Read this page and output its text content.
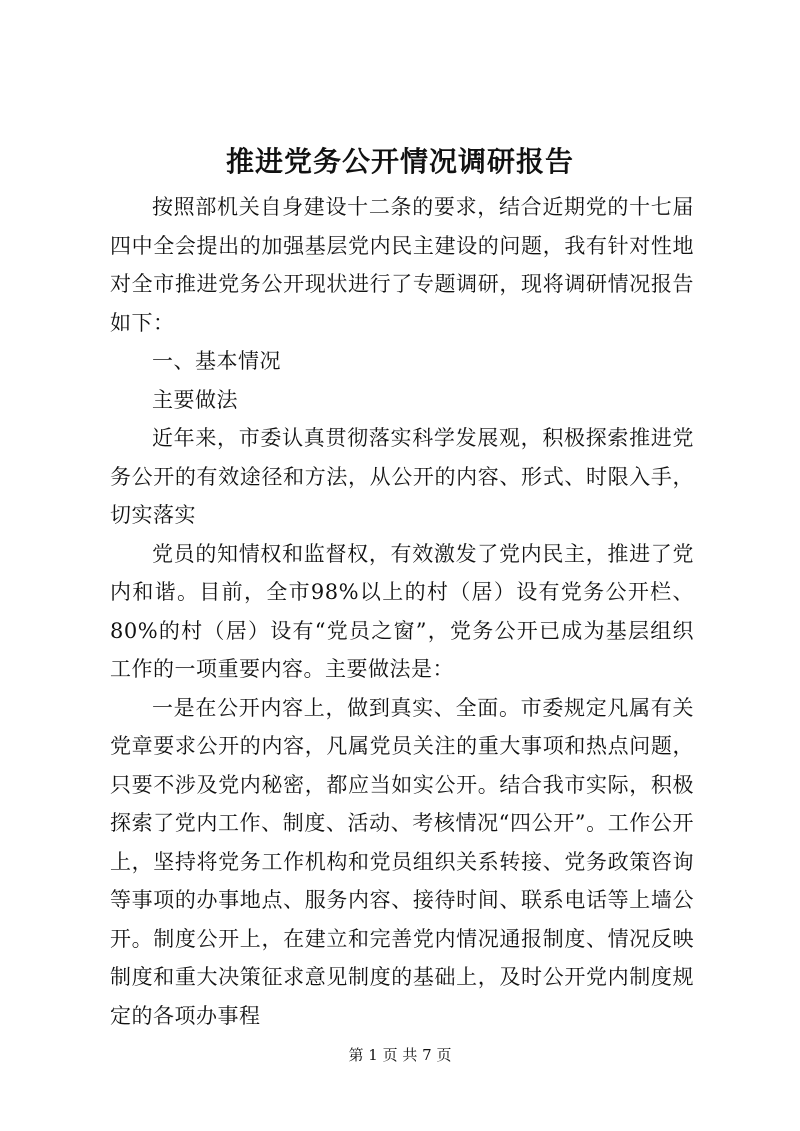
推进党务公开情况调研报告

按照部机关自身建设十二条的要求，结合近期党的十七届四中全会提出的加强基层党内民主建设的问题，我有针对性地对全市推进党务公开现状进行了专题调研，现将调研情况报告如下：

一、基本情况

主要做法

近年来，市委认真贯彻落实科学发展观，积极探索推进党务公开的有效途径和方法，从公开的内容、形式、时限入手，切实落实

党员的知情权和监督权，有效激发了党内民主，推进了党内和谐。目前，全市98%以上的村（居）设有党务公开栏、80%的村（居）设有“党员之窗”，党务公开已成为基层组织工作的一项重要内容。主要做法是：

一是在公开内容上，做到真实、全面。市委规定凡属有关党章要求公开的内容，凡属党员关注的重大事项和热点问题，只要不涉及党内秘密，都应当如实公开。结合我市实际，积极探索了党内工作、制度、活动、考核情况“四公开”。工作公开上，坚持将党务工作机构和党员组织关系转接、党务政策咨询等事项的办事地点、服务内容、接待时间、联系电话等上墙公开。制度公开上，在建立和完善党内情况通报制度、情况反映制度和重大决策征求意见制度的基础上，及时公开党内制度规定的各项办事程

第 1 页 共 7 页
